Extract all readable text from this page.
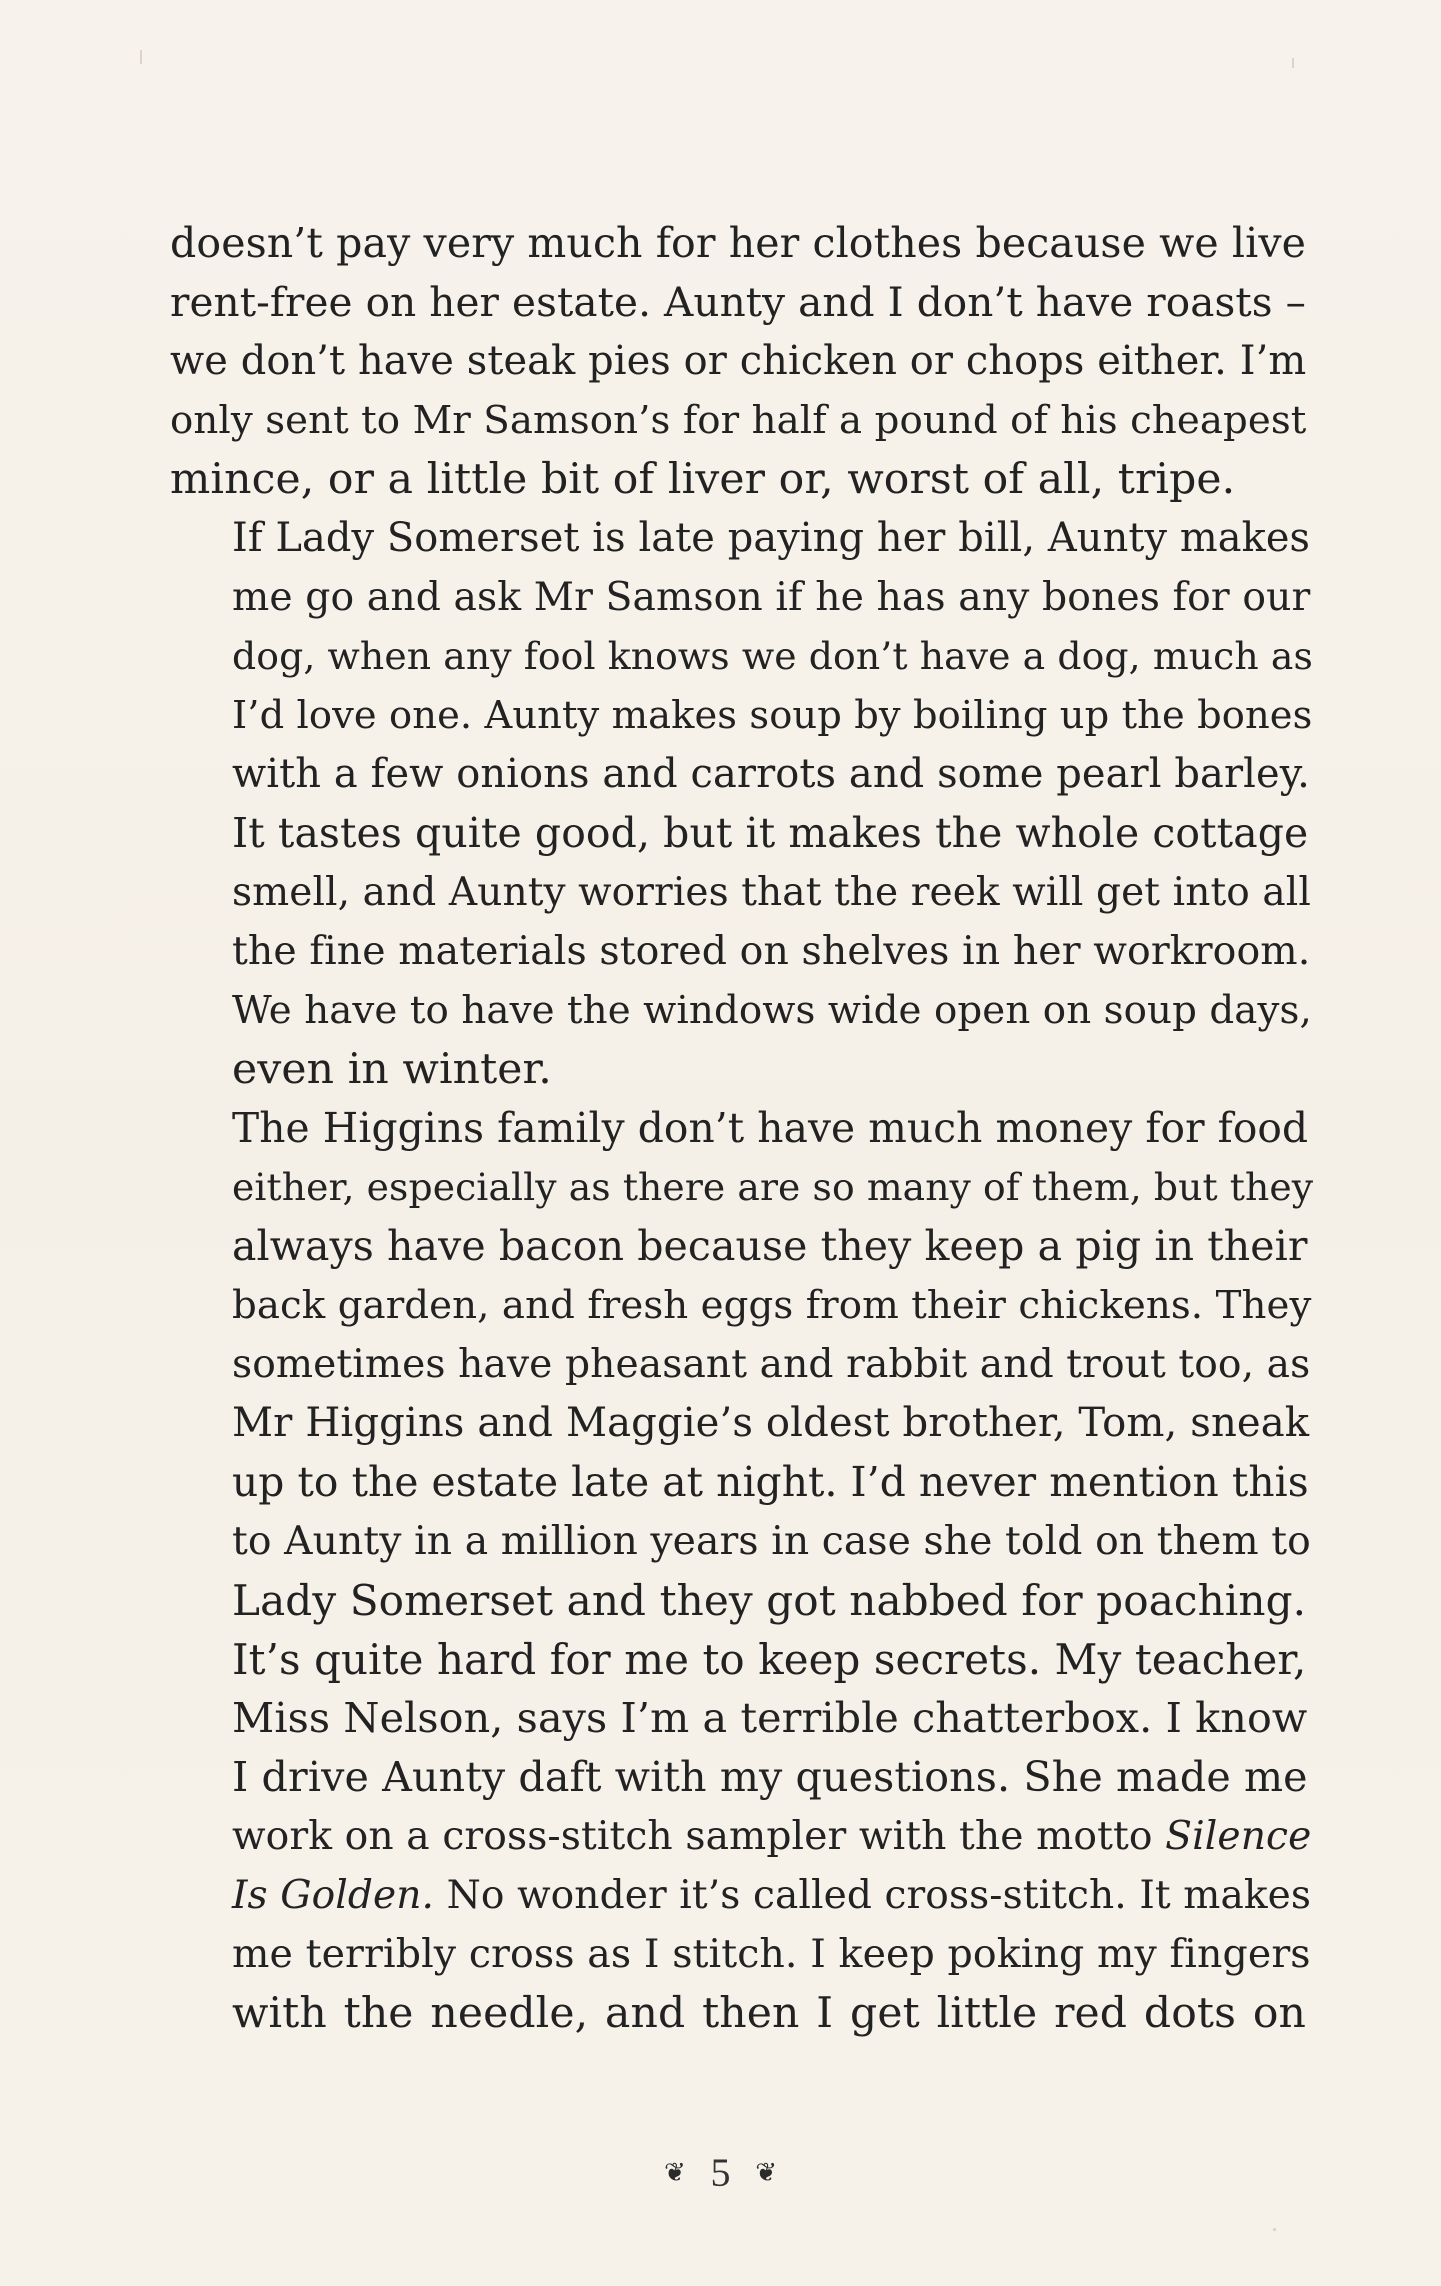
doesn’t pay very much for her clothes because we live
rent-free on her estate. Aunty and I don’t have roasts –
we don’t have steak pies or chicken or chops either. I’m
only sent to Mr Samson’s for half a pound of his cheapest
mince, or a little bit of liver or, worst of all, tripe.

If Lady Somerset is late paying her bill, Aunty makes
me go and ask Mr Samson if he has any bones for our
dog, when any fool knows we don’t have a dog, much as
I’d love one. Aunty makes soup by boiling up the bones
with a few onions and carrots and some pearl barley.
It tastes quite good, but it makes the whole cottage
smell, and Aunty worries that the reek will get into all
the fine materials stored on shelves in her workroom.
We have to have the windows wide open on soup days,
even in winter.

The Higgins family don’t have much money for food
either, especially as there are so many of them, but they
always have bacon because they keep a pig in their
back garden, and fresh eggs from their chickens. They
sometimes have pheasant and rabbit and trout too, as
Mr Higgins and Maggie’s oldest brother, Tom, sneak
up to the estate late at night. I’d never mention this
to Aunty in a million years in case she told on them to
Lady Somerset and they got nabbed for poaching.

It’s quite hard for me to keep secrets. My teacher,
Miss Nelson, says I’m a terrible chatterbox. I know
I drive Aunty daft with my questions. She made me
work on a cross-stitch sampler with the motto Silence
Is Golden. No wonder it’s called cross-stitch. It makes
me terribly cross as I stitch. I keep poking my fingers
with the needle, and then I get little red dots on

❦ 5 ❦
